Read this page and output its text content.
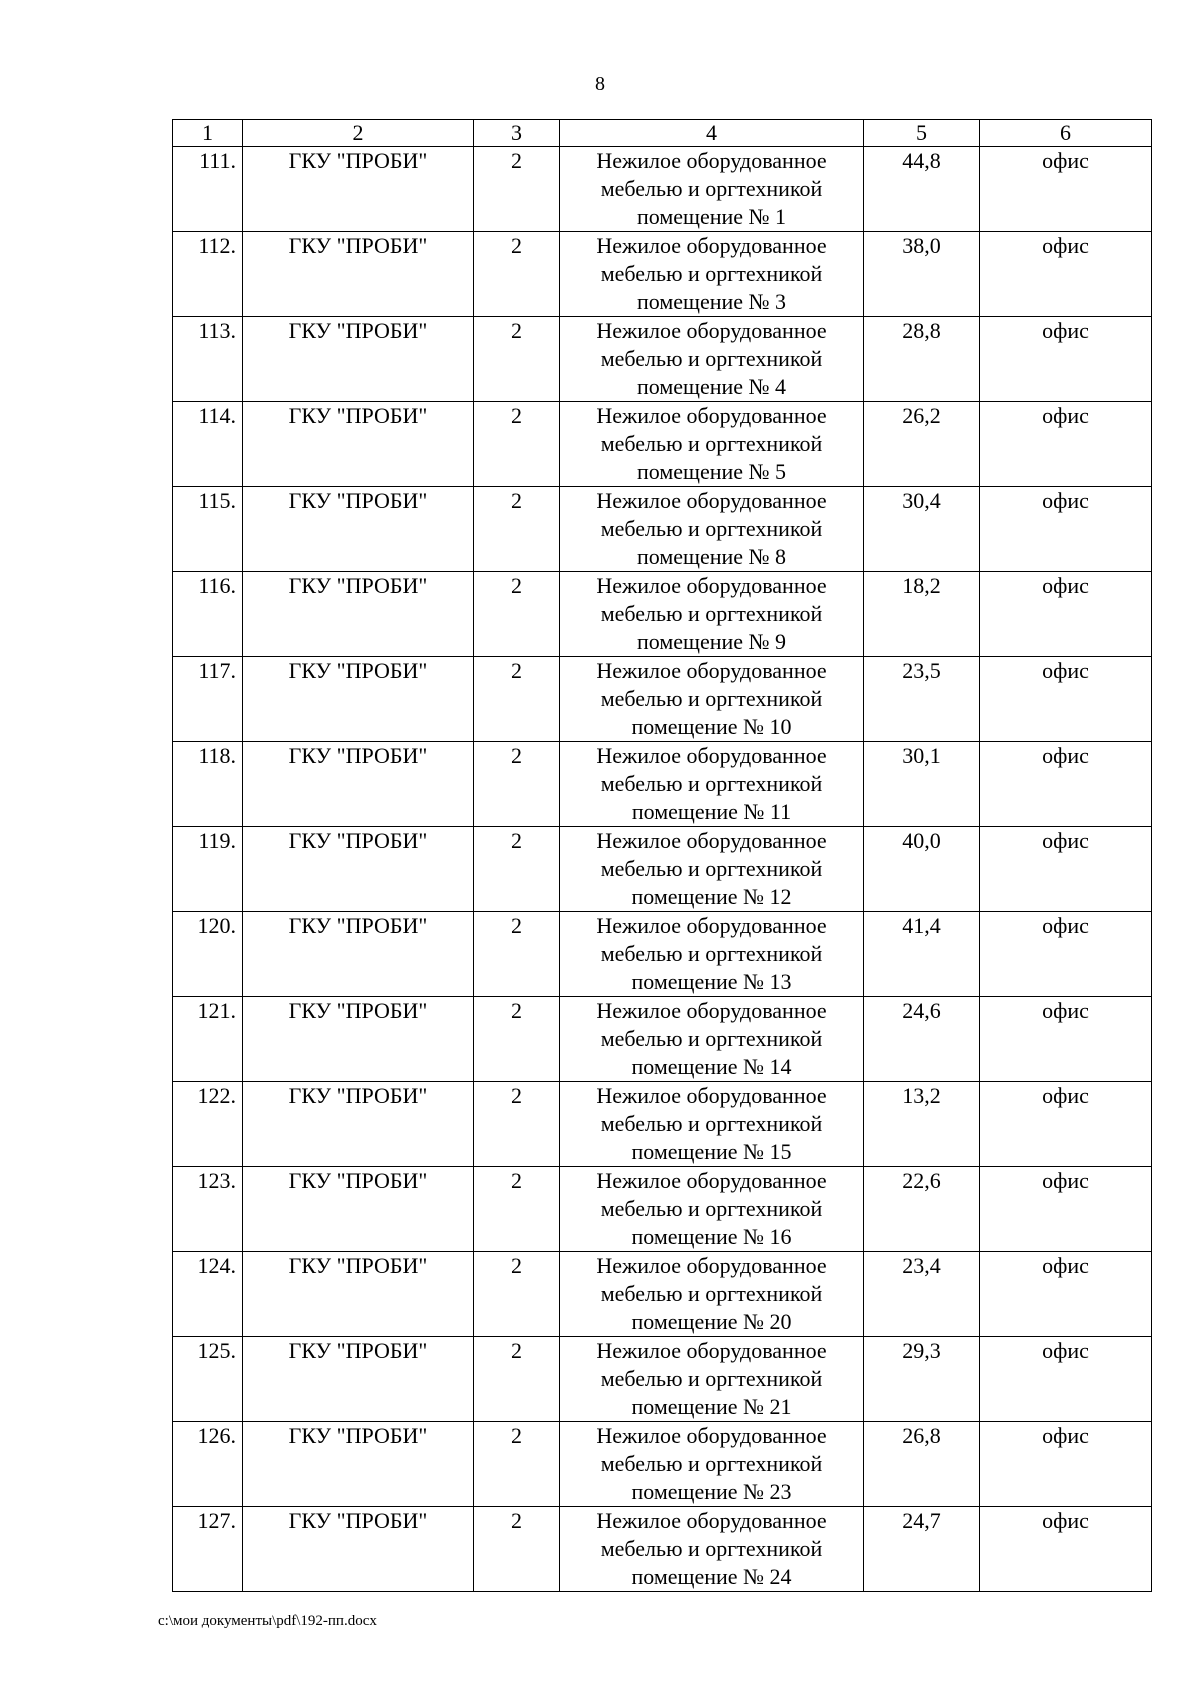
8
1	2	3	4	5	6
111.	ГКУ "ПРОБИ"	2	Нежилое оборудованное
мебелью и оргтехникой
помещение № 1	44,8	офис
112.	ГКУ "ПРОБИ"	2	Нежилое оборудованное
мебелью и оргтехникой
помещение № 3	38,0	офис
113.	ГКУ "ПРОБИ"	2	Нежилое оборудованное
мебелью и оргтехникой
помещение № 4	28,8	офис
114.	ГКУ "ПРОБИ"	2	Нежилое оборудованное
мебелью и оргтехникой
помещение № 5	26,2	офис
115.	ГКУ "ПРОБИ"	2	Нежилое оборудованное
мебелью и оргтехникой
помещение № 8	30,4	офис
116.	ГКУ "ПРОБИ"	2	Нежилое оборудованное
мебелью и оргтехникой
помещение № 9	18,2	офис
117.	ГКУ "ПРОБИ"	2	Нежилое оборудованное
мебелью и оргтехникой
помещение № 10	23,5	офис
118.	ГКУ "ПРОБИ"	2	Нежилое оборудованное
мебелью и оргтехникой
помещение № 11	30,1	офис
119.	ГКУ "ПРОБИ"	2	Нежилое оборудованное
мебелью и оргтехникой
помещение № 12	40,0	офис
120.	ГКУ "ПРОБИ"	2	Нежилое оборудованное
мебелью и оргтехникой
помещение № 13	41,4	офис
121.	ГКУ "ПРОБИ"	2	Нежилое оборудованное
мебелью и оргтехникой
помещение № 14	24,6	офис
122.	ГКУ "ПРОБИ"	2	Нежилое оборудованное
мебелью и оргтехникой
помещение № 15	13,2	офис
123.	ГКУ "ПРОБИ"	2	Нежилое оборудованное
мебелью и оргтехникой
помещение № 16	22,6	офис
124.	ГКУ "ПРОБИ"	2	Нежилое оборудованное
мебелью и оргтехникой
помещение № 20	23,4	офис
125.	ГКУ "ПРОБИ"	2	Нежилое оборудованное
мебелью и оргтехникой
помещение № 21	29,3	офис
126.	ГКУ "ПРОБИ"	2	Нежилое оборудованное
мебелью и оргтехникой
помещение № 23	26,8	офис
127.	ГКУ "ПРОБИ"	2	Нежилое оборудованное
мебелью и оргтехникой
помещение № 24	24,7	офис
c:\мои документы\pdf\192-пп.docx
